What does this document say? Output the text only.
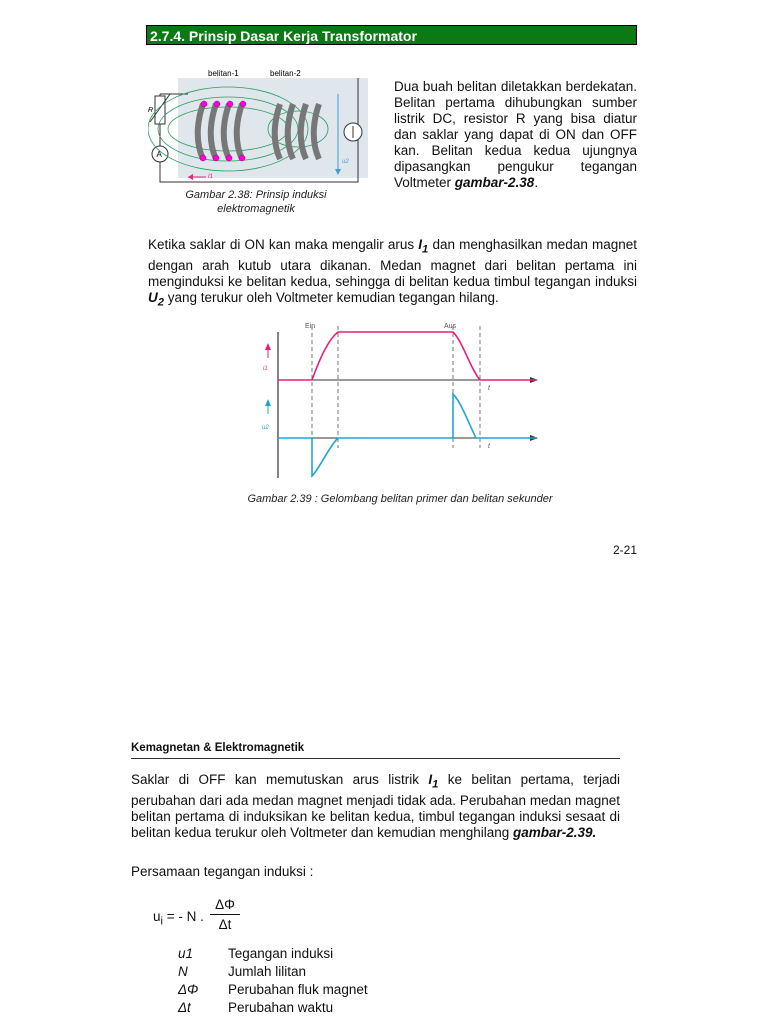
2.7.4. Prinsip Dasar Kerja Transformator
R
A
u2
I1
belitan-1	belitan-2
Gambar 2.38: Prinsip induksi elektromagnetik
Dua buah belitan diletakkan berdekatan. Belitan pertama dihubungkan sumber listrik DC, resistor R yang bisa diatur dan saklar yang dapat di ON dan OFF kan. Belitan kedua kedua ujungnya dipasangkan pengukur tegangan Voltmeter gambar-2.38.
Ketika saklar di ON kan maka mengalir arus $I_1$ dan menghasilkan medan magnet dengan arah kutub utara dikanan. Medan magnet dari belitan pertama ini menginduksi ke belitan kedua, sehingga di belitan kedua timbul tegangan induksi $U_2$ yang terukur oleh Voltmeter kemudian tegangan hilang.
Ein	Aus
i1
u2
t
t
Gambar 2.39 : Gelombang belitan primer dan belitan sekunder
2-21
Kemagnetan & Elektromagnetik
Saklar di OFF kan memutuskan arus listrik $I_1$ ke belitan pertama, terjadi perubahan dari ada medan magnet menjadi tidak ada. Perubahan medan magnet belitan pertama di induksikan ke belitan kedua, timbul tegangan induksi sesaat di belitan kedua terukur oleh Voltmeter dan kemudian menghilang gambar-2.39.
Persamaan tegangan induksi :
$u_i$ = - N . $\frac{\Delta\Phi}{\Delta t}$
u1	Tegangan induksi
N	Jumlah lilitan
ΔΦ	Perubahan fluk magnet
Δt	Perubahan waktu
